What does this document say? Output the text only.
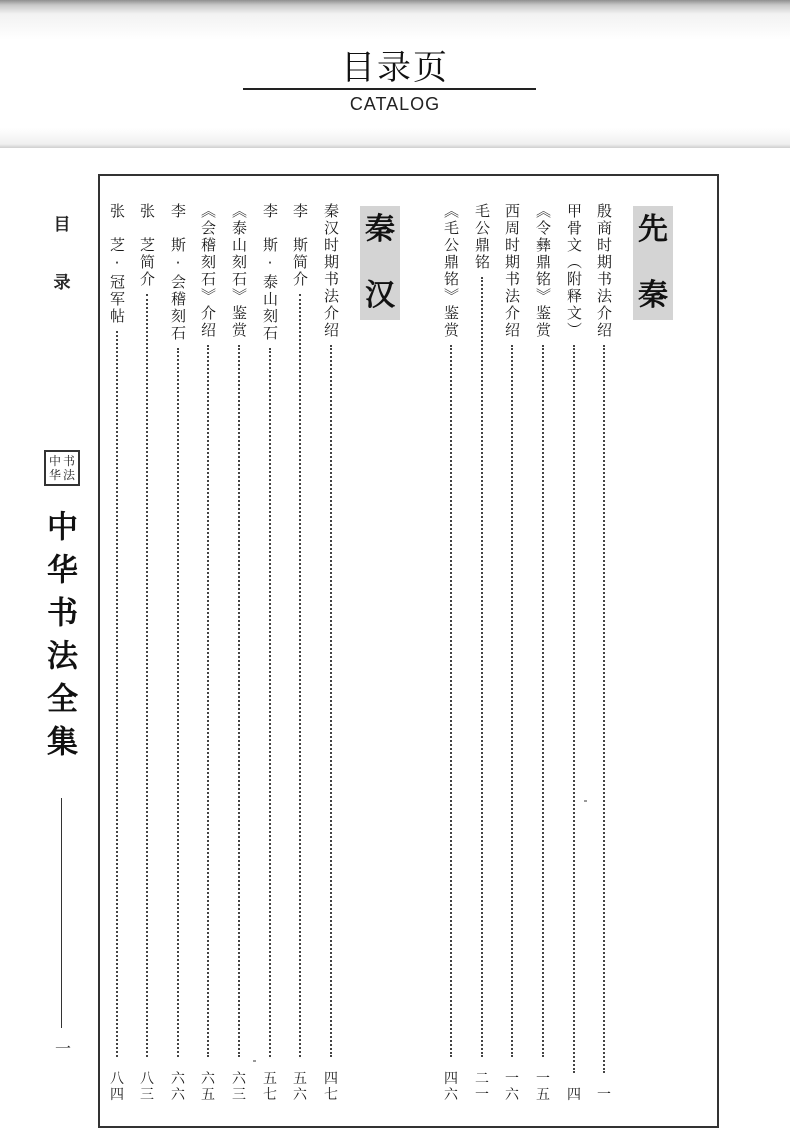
目录页
CATALOG
目
录
中 书
华 法
中华书法全集
一
先
秦
秦
汉	殷商时期书法介绍
一
甲骨文（附释文）
四
《令彝鼎铭》鉴赏
一
五
西周时期书法介绍
一
六
毛公鼎铭
二
一
《毛公鼎铭》鉴赏
四
六
秦汉时期书法介绍
四
七
李　斯简介
五
六
李　斯·泰山刻石
五
七
《泰山刻石》鉴赏
六
三
《会稽刻石》介绍
六
五
李　斯·会稽刻石
六
六
张　芝简介
八
三
张　芝·冠军帖
八
四
